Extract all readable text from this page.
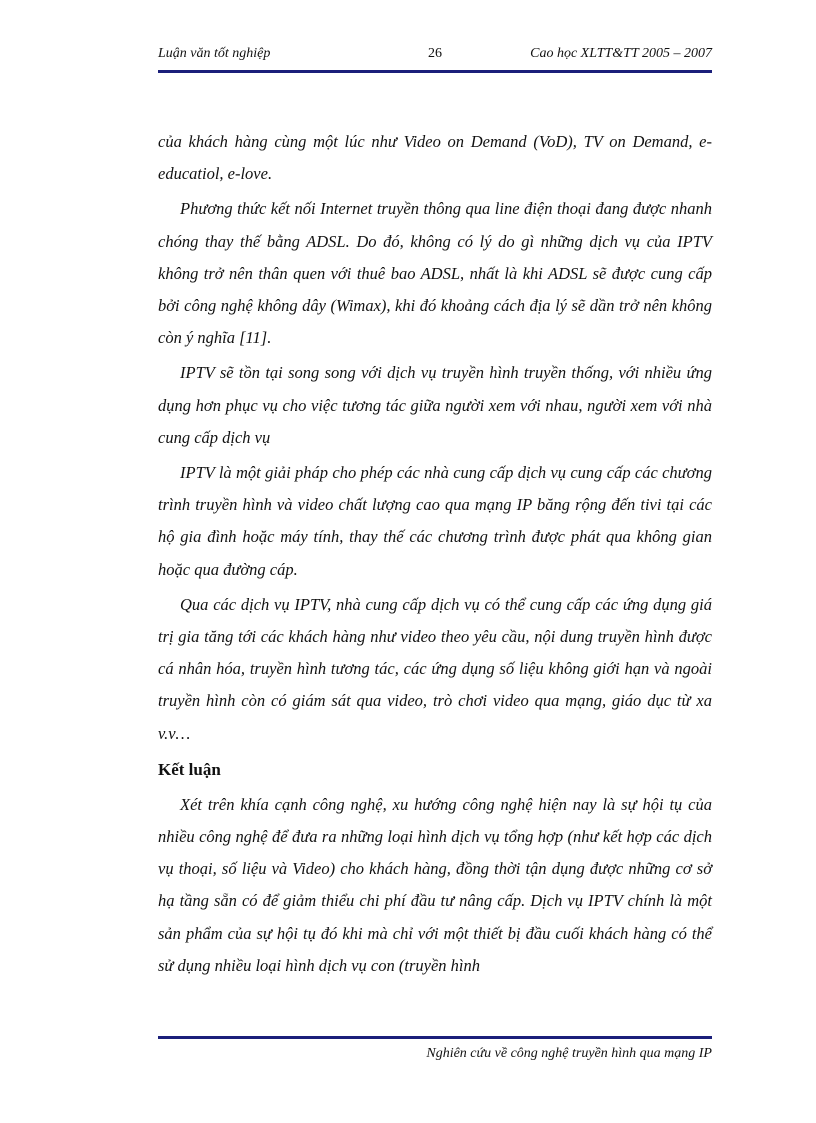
Luận văn tốt nghiệp	26	Cao học XLTT&TT 2005 – 2007

của khách hàng cùng một lúc như Video on Demand (VoD), TV on Demand, e-educatiol, e-love.

Phương thức kết nối Internet truyền thông qua line điện thoại đang được nhanh chóng thay thế bằng ADSL. Do đó, không có lý do gì những dịch vụ của IPTV không trở nên thân quen với thuê bao ADSL, nhất là khi ADSL sẽ được cung cấp bởi công nghệ không dây (Wimax), khi đó khoảng cách địa lý sẽ dần trở nên không còn ý nghĩa [11].

IPTV sẽ tồn tại song song với dịch vụ truyền hình truyền thống, với nhiều ứng dụng hơn phục vụ cho việc tương tác giữa người xem với nhau, người xem với nhà cung cấp dịch vụ

IPTV là một giải pháp cho phép các nhà cung cấp dịch vụ cung cấp các chương trình truyền hình và video chất lượng cao qua mạng IP băng rộng đến tivi tại các hộ gia đình hoặc máy tính, thay thế các chương trình được phát qua không gian hoặc qua đường cáp.

Qua các dịch vụ IPTV, nhà cung cấp dịch vụ có thể cung cấp các ứng dụng giá trị gia tăng tới các khách hàng như video theo yêu cầu, nội dung truyền hình được cá nhân hóa, truyền hình tương tác, các ứng dụng số liệu không giới hạn và ngoài truyền hình còn có giám sát qua video, trò chơi video qua mạng, giáo dục từ xa v.v…

Kết luận

Xét trên khía cạnh công nghệ, xu hướng công nghệ hiện nay là sự hội tụ của nhiều công nghệ để đưa ra những loại hình dịch vụ tổng hợp (như kết hợp các dịch vụ thoại, số liệu và Video) cho khách hàng, đồng thời tận dụng được những cơ sở hạ tầng sẵn có để giảm thiểu chi phí đầu tư nâng cấp. Dịch vụ IPTV chính là một sản phẩm của sự hội tụ đó khi mà chỉ với một thiết bị đầu cuối khách hàng có thể sử dụng nhiều loại hình dịch vụ con (truyền hình

Nghiên cứu về công nghệ truyền hình qua mạng IP
